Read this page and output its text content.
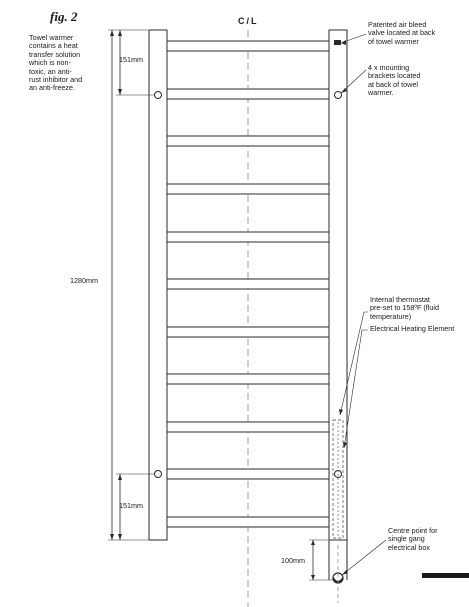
fig. 2	C/L
Towel warmer
contains a heat
transfer solution
which is non-
toxic, an anti-
rust inhibitor and
an anti-freeze.
Patented air bleed
valve located at back
of towel warmer
4 x mounting
brackets located
at back of towel
warmer.
Internal thermostat
pre-set to 158ºF (fluid
temperature)
Electrical Heating Element
Centre point for
single gang
electrical box
151mm
1280mm
151mm
100mm
